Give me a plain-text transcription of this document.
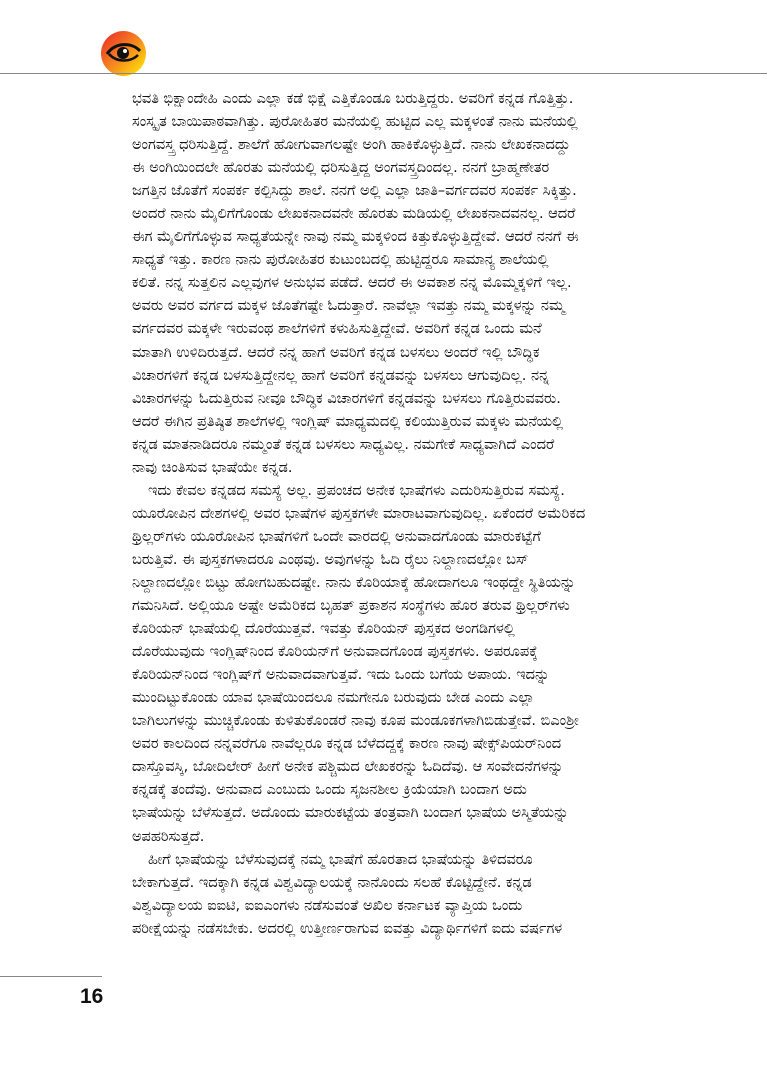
ಭವತಿ ಭಿಕ್ಷಾಂದೇಹಿ ಎಂದು ಎಲ್ಲಾ ಕಡೆ ಭಿಕ್ಷೆ ಎತ್ತಿಕೊಂಡೂ ಬರುತ್ತಿದ್ದರು. ಅವರಿಗೆ ಕನ್ನಡ ಗೊತ್ತಿತ್ತು.
ಸಂಸ್ಕೃತ ಬಾಯಿಪಾಠವಾಗಿತ್ತು. ಪುರೋಹಿತರ ಮನೆಯಲ್ಲಿ ಹುಟ್ಟಿದ ಎಲ್ಲ ಮಕ್ಕಳಂತೆ ನಾನು ಮನೆಯಲ್ಲಿ
ಅಂಗವಸ್ತ್ರ ಧರಿಸುತ್ತಿದ್ದೆ. ಶಾಲೆಗೆ ಹೋಗುವಾಗಲಷ್ಟೇ ಅಂಗಿ ಹಾಕಿಕೊಳ್ಳುತ್ತಿದೆ. ನಾನು ಲೇಖಕನಾದದ್ದು
ಈ ಅಂಗಿಯಿಂದಲೇ ಹೊರತು ಮನೆಯಲ್ಲಿ ಧರಿಸುತ್ತಿದ್ದ ಅಂಗವಸ್ತ್ರದಿಂದಲ್ಲ. ನನಗೆ ಬ್ರಾಹ್ಮಣೇತರ
ಜಗತ್ತಿನ ಜೊತೆಗೆ ಸಂಪರ್ಕ ಕಲ್ಪಿಸಿದ್ದು ಶಾಲೆ. ನನಗೆ ಅಲ್ಲಿ ಎಲ್ಲಾ ಜಾತಿ–ವರ್ಗದವರ ಸಂಪರ್ಕ ಸಿಕ್ಕಿತ್ತು.
ಅಂದರೆ ನಾನು ಮೈಲಿಗೆಗೊಂಡು ಲೇಖಕನಾದವನೇ ಹೊರತು ಮಡಿಯಲ್ಲಿ ಲೇಖಕನಾದವನಲ್ಲ. ಆದರೆ
ಈಗ ಮೈಲಿಗೆಗೊಳ್ಳುವ ಸಾಧ್ಯತೆಯನ್ನೇ ನಾವು ನಮ್ಮ ಮಕ್ಕಳಿಂದ ಕಿತ್ತುಕೊಳ್ಳುತ್ತಿದ್ದೇವೆ. ಆದರೆ ನನಗೆ ಈ
ಸಾಧ್ಯತೆ ಇತ್ತು. ಕಾರಣ ನಾನು ಪುರೋಹಿತರ ಕುಟುಂಬದಲ್ಲಿ ಹುಟ್ಟಿದ್ದರೂ ಸಾಮಾನ್ಯ ಶಾಲೆಯಲ್ಲಿ
ಕಲಿತೆ. ನನ್ನ ಸುತ್ತಲಿನ ಎಲ್ಲವುಗಳ ಅನುಭವ ಪಡೆದೆ. ಆದರೆ ಈ ಅವಕಾಶ ನನ್ನ ಮೊಮ್ಮಕ್ಕಳಿಗೆ ಇಲ್ಲ.
ಅವರು ಅವರ ವರ್ಗದ ಮಕ್ಕಳ ಜೊತೆಗಷ್ಟೇ ಓದುತ್ತಾರೆ. ನಾವೆಲ್ಲಾ ಇವತ್ತು ನಮ್ಮ ಮಕ್ಕಳನ್ನು ನಮ್ಮ
ವರ್ಗದವರ ಮಕ್ಕಳೇ ಇರುವಂಥ ಶಾಲೆಗಳಿಗೆ ಕಳುಹಿಸುತ್ತಿದ್ದೇವೆ. ಅವರಿಗೆ ಕನ್ನಡ ಒಂದು ಮನೆ
ಮಾತಾಗಿ ಉಳಿದಿರುತ್ತದೆ. ಆದರೆ ನನ್ನ ಹಾಗೆ ಅವರಿಗೆ ಕನ್ನಡ ಬಳಸಲು ಅಂದರೆ ಇಲ್ಲಿ ಬೌದ್ಧಿಕ
ವಿಚಾರಗಳಿಗೆ ಕನ್ನಡ ಬಳಸುತ್ತಿದ್ದೇನಲ್ಲ ಹಾಗೆ ಅವರಿಗೆ ಕನ್ನಡವನ್ನು ಬಳಸಲು ಆಗುವುದಿಲ್ಲ. ನನ್ನ
ವಿಚಾರಗಳನ್ನು ಓದುತ್ತಿರುವ ನೀವೂ ಬೌದ್ಧಿಕ ವಿಚಾರಗಳಿಗೆ ಕನ್ನಡವನ್ನು ಬಳಸಲು ಗೊತ್ತಿರುವವರು.
ಆದರೆ ಈಗಿನ ಪ್ರತಿಷ್ಠಿತ ಶಾಲೆಗಳಲ್ಲಿ ಇಂಗ್ಲಿಷ್ ಮಾಧ್ಯಮದಲ್ಲಿ ಕಲಿಯುತ್ತಿರುವ ಮಕ್ಕಳು ಮನೆಯಲ್ಲಿ
ಕನ್ನಡ ಮಾತನಾಡಿದರೂ ನಮ್ಮಂತೆ ಕನ್ನಡ ಬಳಸಲು ಸಾಧ್ಯವಿಲ್ಲ. ನಮಗೇಕೆ ಸಾಧ್ಯವಾಗಿದೆ ಎಂದರೆ
ನಾವು ಚಿಂತಿಸುವ ಭಾಷೆಯೇ ಕನ್ನಡ.
ಇದು ಕೇವಲ ಕನ್ನಡದ ಸಮಸ್ಯೆ ಅಲ್ಲ. ಪ್ರಪಂಚದ ಅನೇಕ ಭಾಷೆಗಳು ಎದುರಿಸುತ್ತಿರುವ ಸಮಸ್ಯೆ.
ಯೂರೋಪಿನ ದೇಶಗಳಲ್ಲಿ ಅವರ ಭಾಷೆಗಳ ಪುಸ್ತಕಗಳೇ ಮಾರಾಟವಾಗುವುದಿಲ್ಲ. ಏಕೆಂದರೆ ಅಮೆರಿಕದ
ಥ್ರಿಲ್ಲರ್‌ಗಳು ಯೂರೋಪಿನ ಭಾಷೆಗಳಿಗೆ ಒಂದೇ ವಾರದಲ್ಲಿ ಅನುವಾದಗೊಂಡು ಮಾರುಕಟ್ಟೆಗೆ
ಬರುತ್ತಿವೆ. ಈ ಪುಸ್ತಕಗಳಾದರೂ ಎಂಥವು. ಅವುಗಳನ್ನು ಓದಿ ರೈಲು ನಿಲ್ದಾಣದಲ್ಲೋ ಬಸ್
ನಿಲ್ದಾಣದಲ್ಲೋ ಬಿಟ್ಟು ಹೋಗಬಹುದಷ್ಟೇ. ನಾನು ಕೊರಿಯಾಕ್ಕೆ ಹೋದಾಗಲೂ ಇಂಥದ್ದೇ ಸ್ಥಿತಿಯನ್ನು
ಗಮನಿಸಿದೆ. ಅಲ್ಲಿಯೂ ಅಷ್ಟೇ ಅಮೆರಿಕದ ಬೃಹತ್ ಪ್ರಕಾಶನ ಸಂಸ್ಥೆಗಳು ಹೊರ ತರುವ ಥ್ರಿಲ್ಲರ್‌ಗಳು
ಕೊರಿಯನ್ ಭಾಷೆಯಲ್ಲಿ ದೊರೆಯುತ್ತವೆ. ಇವತ್ತು ಕೊರಿಯನ್ ಪುಸ್ತಕದ ಅಂಗಡಿಗಳಲ್ಲಿ
ದೊರೆಯುವುದು ಇಂಗ್ಲಿಷ್‌ನಿಂದ ಕೊರಿಯನ್‌ಗೆ ಅನುವಾದಗೊಂಡ ಪುಸ್ತಕಗಳು. ಅಪರೂಪಕ್ಕೆ
ಕೊರಿಯನ್‌ನಿಂದ ಇಂಗ್ಲಿಷ್‌ಗೆ ಅನುವಾದವಾಗುತ್ತವೆ. ಇದು ಒಂದು ಬಗೆಯ ಅಪಾಯ. ಇದನ್ನು
ಮುಂದಿಟ್ಟುಕೊಂಡು ಯಾವ ಭಾಷೆಯಿಂದಲೂ ನಮಗೇನೂ ಬರುವುದು ಬೇಡ ಎಂದು ಎಲ್ಲಾ
ಬಾಗಿಲುಗಳನ್ನು ಮುಚ್ಚಿಕೊಂಡು ಕುಳಿತುಕೊಂಡರೆ ನಾವು ಕೂಪ ಮಂಡೂಕಗಳಾಗಿಬಿಡುತ್ತೇವೆ. ಬಿಎಂಶ್ರೀ
ಅವರ ಕಾಲದಿಂದ ನನ್ನವರೆಗೂ ನಾವೆಲ್ಲರೂ ಕನ್ನಡ ಬೆಳೆದದ್ದಕ್ಕೆ ಕಾರಣ ನಾವು ಷೇಕ್ಸ್‌ಪಿಯರ್‌ನಿಂದ
ದಾಸ್ತೊವಸ್ಕಿ, ಬೋದಿಲೇರ್ ಹೀಗೆ ಅನೇಕ ಪಶ್ಚಿಮದ ಲೇಖಕರನ್ನು ಓದಿದೆವು. ಆ ಸಂವೇದನೆಗಳನ್ನು
ಕನ್ನಡಕ್ಕೆ ತಂದೆವು. ಅನುವಾದ ಎಂಬುದು ಒಂದು ಸೃಜನಶೀಲ ಕ್ರಿಯೆಯಾಗಿ ಬಂದಾಗ ಅದು
ಭಾಷೆಯನ್ನು ಬೆಳೆಸುತ್ತದೆ. ಅದೊಂದು ಮಾರುಕಟ್ಟೆಯ ತಂತ್ರವಾಗಿ ಬಂದಾಗ ಭಾಷೆಯ ಅಸ್ಮಿತೆಯನ್ನು
ಅಪಹರಿಸುತ್ತದೆ.
ಹೀಗೆ ಭಾಷೆಯನ್ನು ಬೆಳೆಸುವುದಕ್ಕೆ ನಮ್ಮ ಭಾಷೆಗೆ ಹೊರತಾದ ಭಾಷೆಯನ್ನು ತಿಳಿದವರೂ
ಬೇಕಾಗುತ್ತದೆ. ಇದಕ್ಕಾಗಿ ಕನ್ನಡ ವಿಶ್ವವಿದ್ಯಾಲಯಕ್ಕೆ ನಾನೊಂದು ಸಲಹೆ ಕೊಟ್ಟಿದ್ದೇನೆ. ಕನ್ನಡ
ವಿಶ್ವವಿದ್ಯಾಲಯ ಐಐಟಿ, ಐಐಎಂಗಳು ನಡೆಸುವಂತೆ ಅಖಿಲ ಕರ್ನಾಟಕ ವ್ಯಾಪ್ತಿಯ ಒಂದು
ಪರೀಕ್ಷೆಯನ್ನು ನಡೆಸಬೇಕು. ಅದರಲ್ಲಿ ಉತ್ತೀರ್ಣರಾಗುವ ಐವತ್ತು ವಿದ್ಯಾರ್ಥಿಗಳಿಗೆ ಐದು ವರ್ಷಗಳ
16
